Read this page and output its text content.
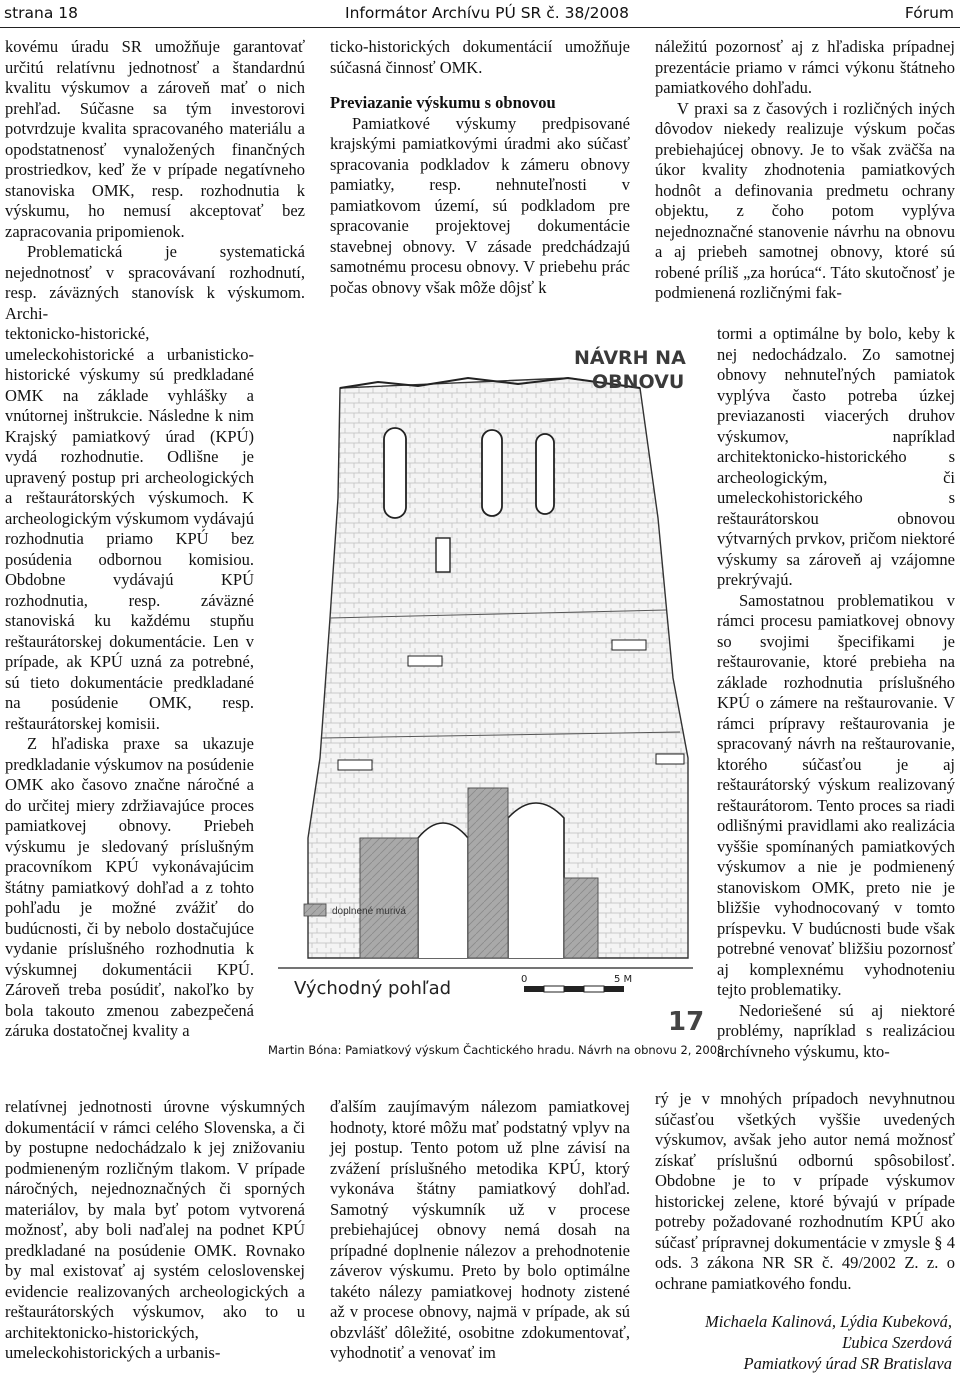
strana 18	Informátor Archívu PÚ SR č. 38/2008	Fórum

kovému úradu SR umožňuje garantovať určitú relatívnu jednotnosť a štandardnú kvalitu výskumov a zároveň mať o nich prehľad. Súčasne sa tým investorovi potvrdzuje kvalita spracovaného materiálu a opodstatnenosť vynaložených finančných prostriedkov, keď že v prípade negatívneho stanoviska OMK, resp. rozhodnutia k výskumu, ho nemusí akceptovať bez zapracovania pripomienok.

Problematická je systematická nejednotnosť v spracovávaní rozhodnutí, resp. záväzných stanovísk k výskumom. Archi-

tektonicko-historické, umeleckohistorické a urbanisticko-historické výskumy sú predkladané OMK na základe vyhlášky a vnútornej inštrukcie. Následne k nim Krajský pamiatkový úrad (KPÚ) vydá rozhodnutie. Odlišne je upravený postup pri archeologických a reštaurátorských výskumoch. K archeologickým výskumom vydávajú rozhodnutia priamo KPÚ bez posúdenia odbornou komisiou. Obdobne vydávajú KPÚ rozhodnutia, resp. záväzné stanoviská ku každému stupňu reštaurátorskej dokumentácie. Len v prípade, ak KPÚ uzná za potrebné, sú tieto dokumentácie predkladané na posúdenie OMK, resp. reštaurátorskej komisii.

Z hľadiska praxe sa ukazuje predkladanie výskumov na posúdenie OMK ako časovo značne náročné a do určitej miery zdržiavajúce proces pamiatkovej obnovy. Priebeh výskumu je sledovaný príslušným pracovníkom KPÚ vykonávajúcim štátny pamiatkový dohľad a z tohto pohľadu je možné zvážiť do budúcnosti, či by nebolo dostačujúce vydanie príslušného rozhodnutia k výskumnej dokumentácii KPÚ. Zároveň treba posúdiť, nakoľko by bola takouto zmenou zabezpečená záruka dostatočnej kvality a

relatívnej jednotnosti úrovne výskumných dokumentácií v rámci celého Slovenska, a či by postupne nedochádzalo k jej znižovaniu podmieneným rozličným tlakom. V prípade náročných, nejednoznačných či sporných materiálov, by mala byť potom vytvorená možnosť, aby boli naďalej na podnet KPÚ predkladané na posúdenie OMK. Rovnako by mal existovať aj systém celoslovenskej evidencie realizovaných archeologických a reštaurátorských výskumov, ako to u architektonicko-historických, umeleckohistorických a urbanis-

ticko-historických dokumentácií umožňuje súčasná činnosť OMK.

Previazanie výskumu s obnovou

Pamiatkové výskumy predpisované krajskými pamiatkovými úradmi ako súčasť spracovania podkladov k zámeru obnovy pamiatky, resp. nehnuteľnosti v pamiatkovom území, sú podkladom pre spracovanie projektovej dokumentácie stavebnej obnovy. V zásade predchádzajú samotnému procesu obnovy. V priebehu prác počas obnovy však môže dôjsť k

ďalším zaujímavým nálezom pamiatkovej hodnoty, ktoré môžu mať podstatný vplyv na jej postup. Tento potom už plne závisí na zvážení príslušného metodika KPÚ, ktorý vykonáva štátny pamiatkový dohľad. Samotný výskumník už v procese prebiehajúcej obnovy nemá dosah na prípadné doplnenie nálezov a prehodnotenie záverov výskumu. Preto by bolo optimálne takéto nálezy pamiatkovej hodnoty zistené až v procese obnovy, najmä v prípade, ak sú obzvlášť dôležité, osobitne zdokumentovať, vyhodnotiť a venovať im

náležitú pozornosť aj z hľadiska prípadnej prezentácie priamo v rámci výkonu štátneho pamiatkového dohľadu.

V praxi sa z časových i rozličných iných dôvodov niekedy realizuje výskum počas prebiehajúcej obnovy. Je to však zväčša na úkor kvality zhodnotenia pamiatkových hodnôt a definovania predmetu ochrany objektu, z čoho potom vyplýva nejednoznačné stanovenie návrhu na obnovu a aj priebeh samotnej obnovy, ktoré sú robené príliš „za horúca“. Táto skutočnosť je podmienená rozličnými fak-

tormi a optimálne by bolo, keby k nej nedochádzalo. Zo samotnej obnovy nehnuteľných pamiatok vyplýva často potreba úzkej previazanosti viacerých druhov výskumov, napríklad architektonicko-historického s archeologickým, či umeleckohistorického s reštaurátorskou obnovou výtvarných prvkov, pričom niektoré výskumy sa zároveň aj vzájomne prekrývajú.

Samostatnou problematikou v rámci procesu pamiatkovej obnovy so svojimi špecifikami je reštaurovanie, ktoré prebieha na základe rozhodnutia príslušného KPÚ o zámere na reštaurovanie. V rámci prípravy reštaurovania je spracovaný návrh na reštaurovanie, ktorého súčasťou je aj reštaurátorský výskum realizovaný reštaurátorom. Tento proces sa riadi odlišnými pravidlami ako realizácia vyššie spomínaných pamiatkových výskumov a nie je podmienený stanoviskom OMK, preto nie je bližšie vyhodnocovaný v tomto príspevku. V budúcnosti bude však potrebné venovať bližšiu pozornosť aj komplexnému vyhodnoteniu tejto problematiky.

Nedoriešené sú aj niektoré problémy, napríklad s realizáciou archívneho výskumu, kto-

rý je v mnohých prípadoch nevyhnutnou súčasťou všetkých vyššie uvedených výskumov, avšak jeho autor nemá možnosť získať príslušnú odbornú spôsobilosť. Obdobne je to v prípade výskumov historickej zelene, ktoré bývajú v prípade potreby požadované rozhodnutím KPÚ ako súčasť prípravnej dokumentácie v zmysle § 4 ods. 3 zákona NR SR č. 49/2002 Z. z. o ochrane pamiatkového fondu.

doplnené murivá
NÁVRH NA
OBNOVU
Východný pohľad	0	5 M
17
Martin Bóna: Pamiatkový výskum Čachtického hradu. Návrh na obnovu 2, 2008
Michaela Kalinová, Lýdia Kubeková,
Ľubica Szerdová
Pamiatkový úrad SR Bratislava
